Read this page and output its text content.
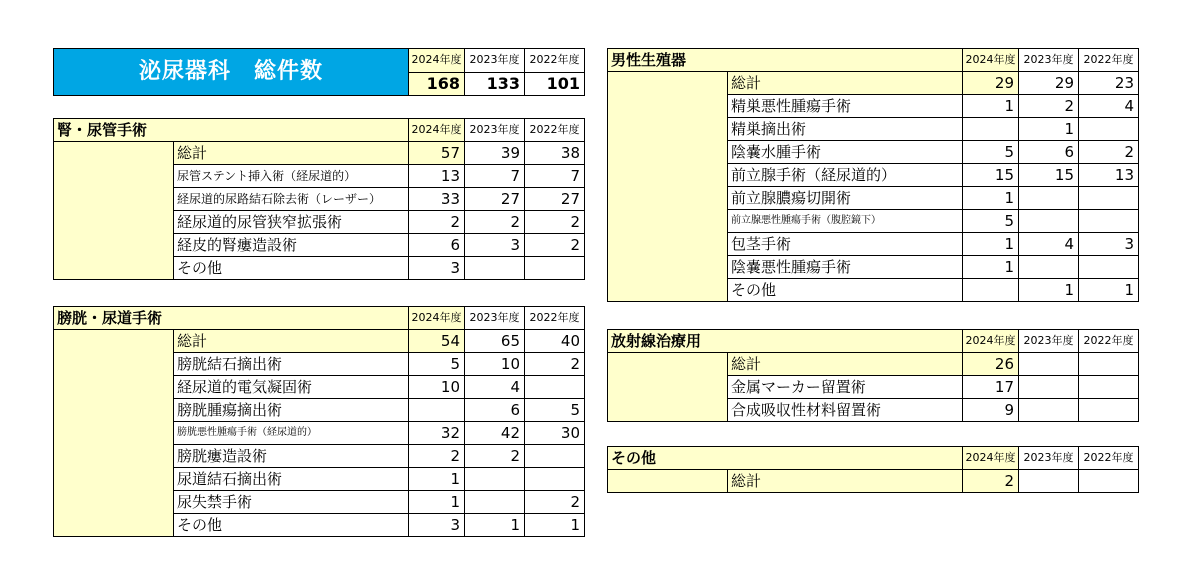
泌尿器科　総件数	2024年度	2023年度	2022年度
	168	133	101
腎・尿管手術		2024年度	2023年度	2022年度
	総計	57	39	38
	尿管ステント挿入術（経尿道的）	13	7	7
	経尿道的尿路結石除去術（レーザー）	33	27	27
	経尿道的尿管狭窄拡張術	2	2	2
	経皮的腎瘻造設術	6	3	2
	その他	3		
膀胱・尿道手術		2024年度	2023年度	2022年度
	総計	54	65	40
	膀胱結石摘出術	5	10	2
	経尿道的電気凝固術	10	4	
	膀胱腫瘍摘出術		6	5
	膀胱悪性腫瘍手術（経尿道的）	32	42	30
	膀胱瘻造設術	2	2	
	尿道結石摘出術	1		
	尿失禁手術	1		2
	その他	3	1	1
男性生殖器		2024年度	2023年度	2022年度
	総計	29	29	23
	精巣悪性腫瘍手術	1	2	4
	精巣摘出術		1	
	陰嚢水腫手術	5	6	2
	前立腺手術（経尿道的）	15	15	13
	前立腺膿瘍切開術	1		
	前立腺悪性腫瘍手術（腹腔鏡下）	5		
	包茎手術	1	4	3
	陰嚢悪性腫瘍手術	1		
	その他		1	1
放射線治療用		2024年度	2023年度	2022年度
	総計	26		
	金属マーカー留置術	17		
	合成吸収性材料留置術	9		
その他		2024年度	2023年度	2022年度
	総計	2		
